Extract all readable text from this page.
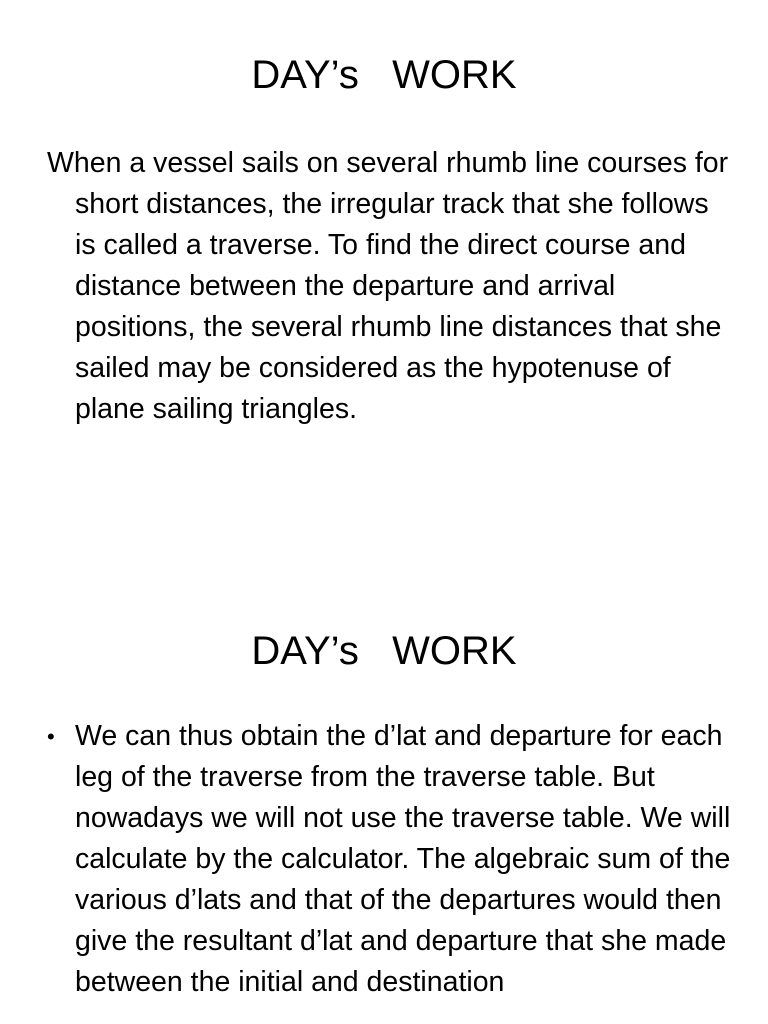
DAY’s   WORK

When a vessel sails on several rhumb line courses for short distances, the irregular track that she follows is called a traverse. To find the direct course and distance between the departure and arrival positions, the several rhumb line distances that she sailed may be considered as the hypotenuse of plane sailing triangles.

DAY’s   WORK
• We can thus obtain the d’lat and departure for each leg of the traverse from the traverse table. But nowadays we will not use the traverse table. We will calculate by the calculator. The algebraic sum of the various d’lats and that of the departures would then give the resultant d’lat and departure that she made between the initial and destination
